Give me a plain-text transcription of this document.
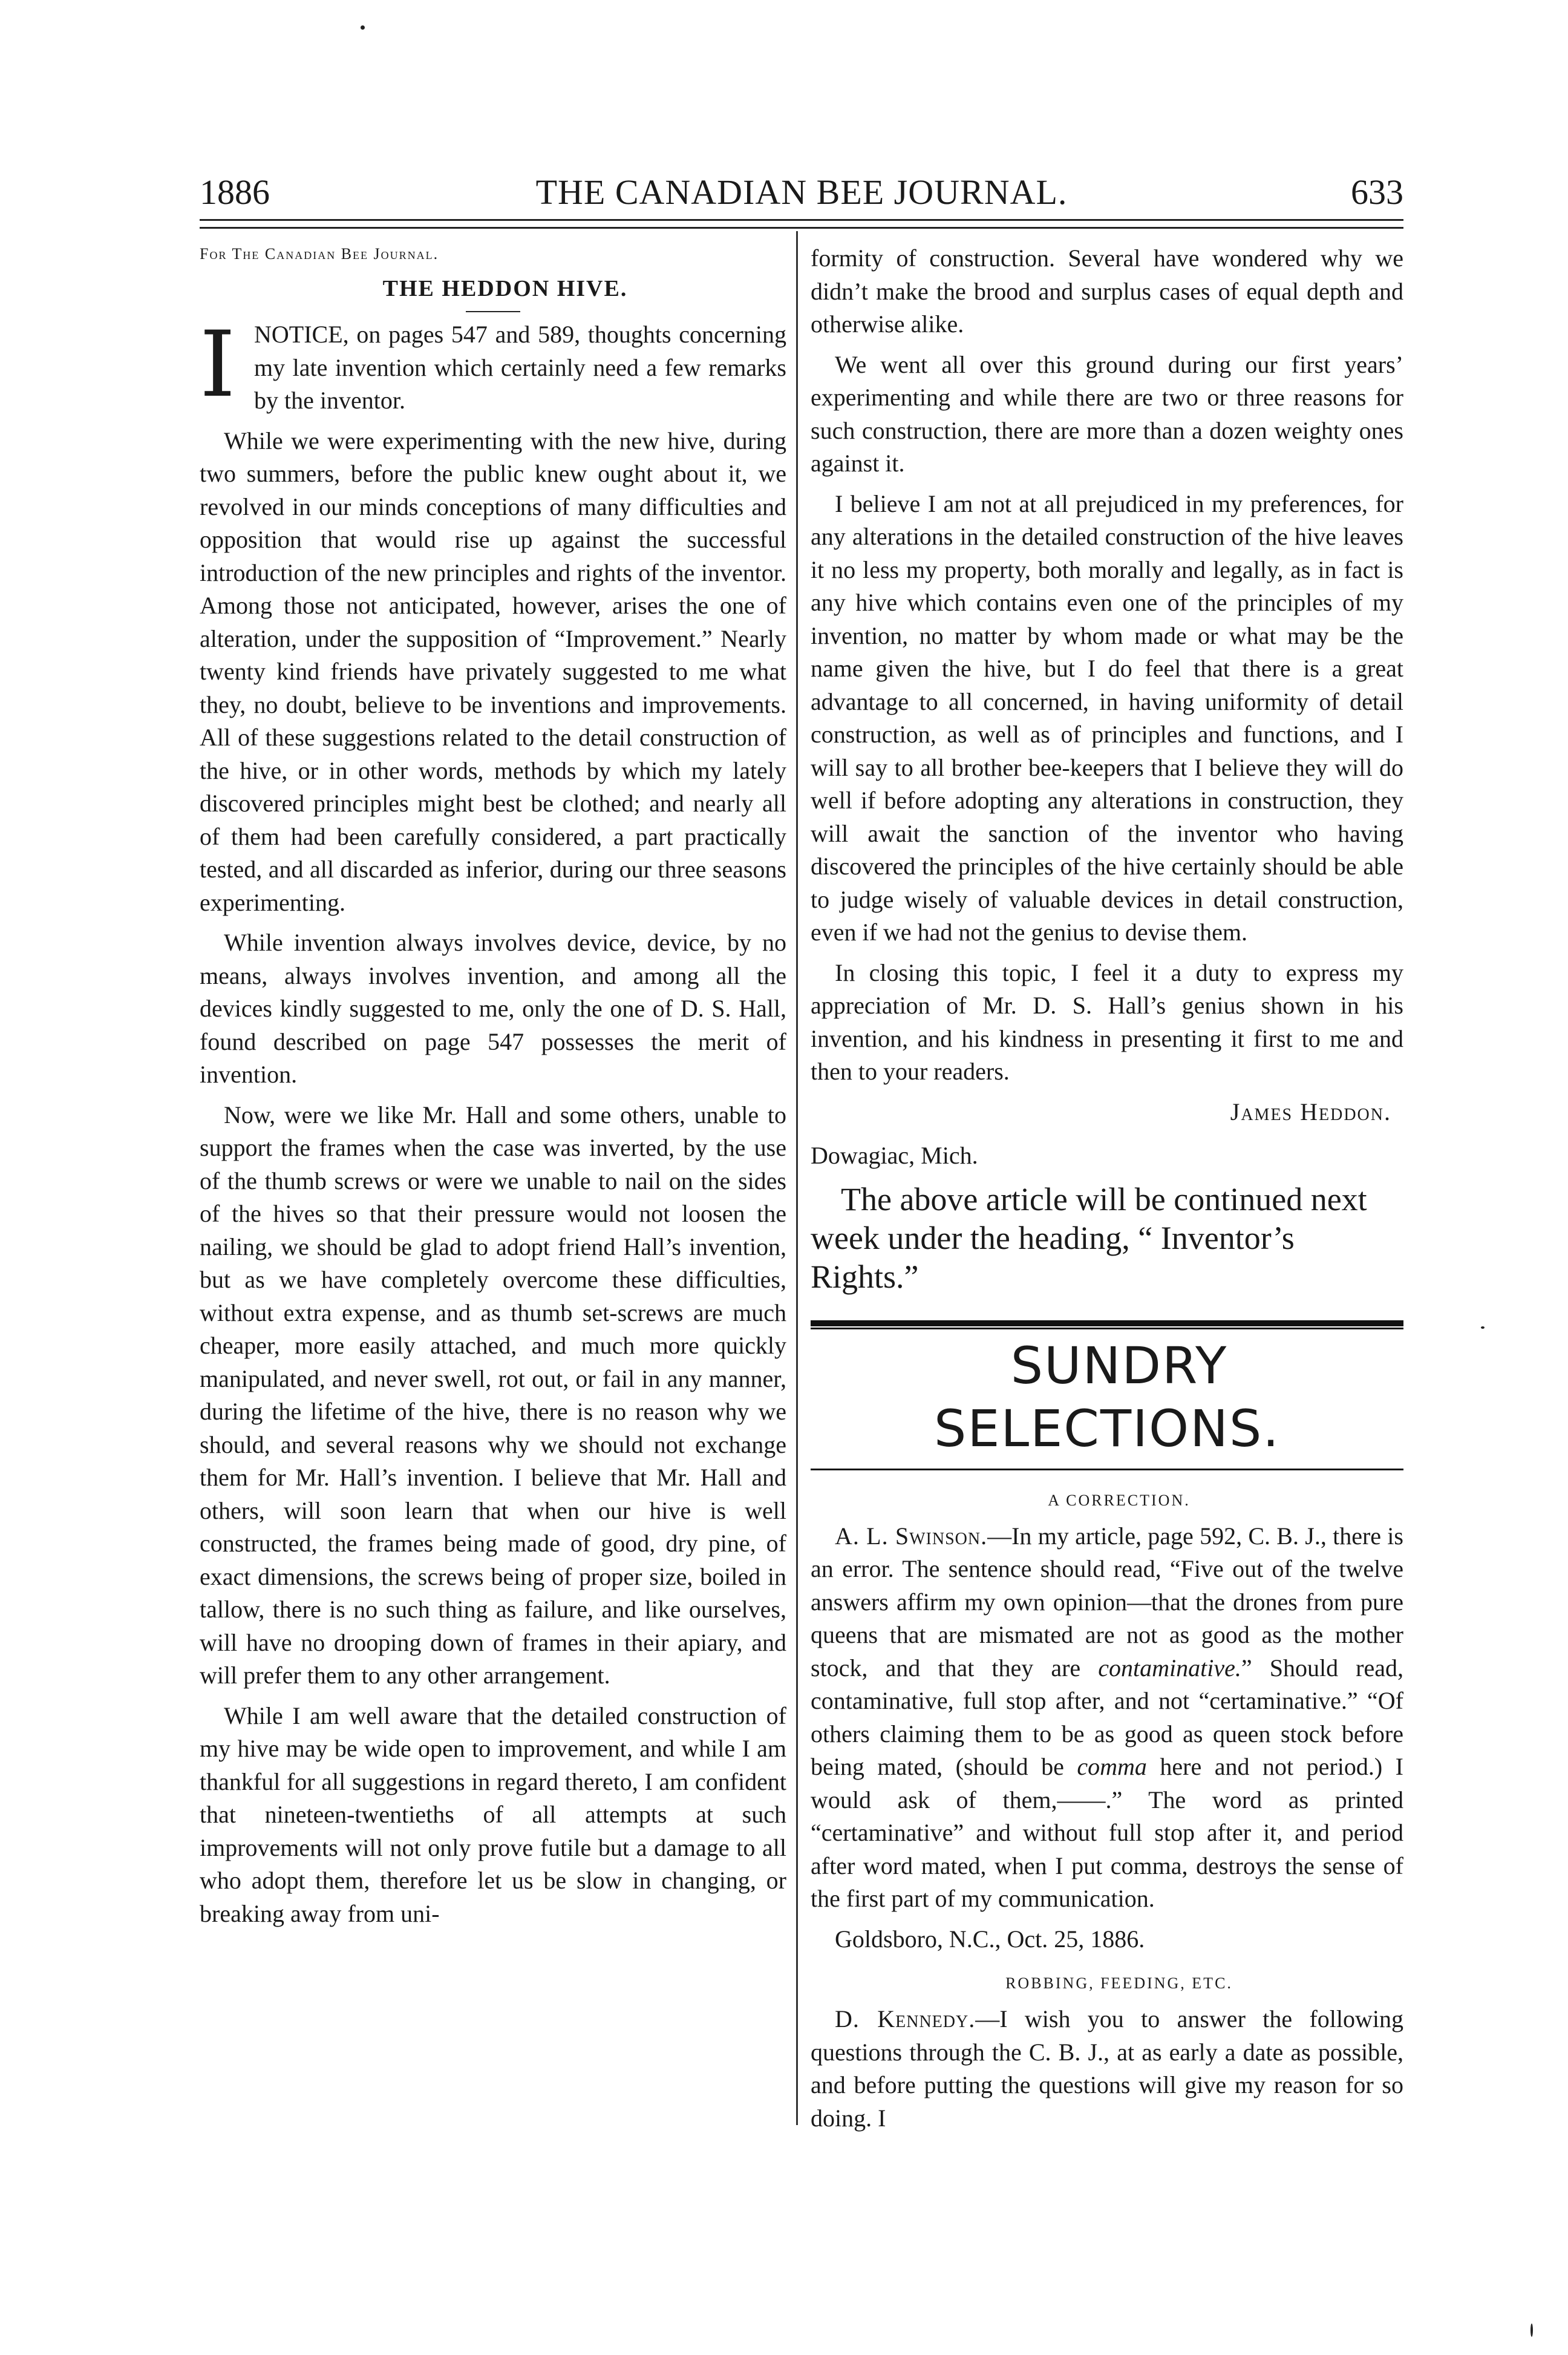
1886	THE CANADIAN BEE JOURNAL.	633

For The Canadian Bee Journal.

THE HEDDON HIVE.

I NOTICE, on pages 547 and 589, thoughts concerning my late invention which certainly need a few remarks by the inventor.

While we were experimenting with the new hive, during two summers, before the public knew ought about it, we revolved in our minds conceptions of many difficulties and opposition that would rise up against the successful introduction of the new principles and rights of the inventor. Among those not anticipated, however, arises the one of alteration, under the supposition of “Improvement.” Nearly twenty kind friends have privately suggested to me what they, no doubt, believe to be inventions and improvements. All of these suggestions related to the detail construction of the hive, or in other words, methods by which my lately discovered principles might best be clothed; and nearly all of them had been carefully considered, a part practically tested, and all discarded as inferior, during our three seasons experimenting.

While invention always involves device, device, by no means, always involves invention, and among all the devices kindly suggested to me, only the one of D. S. Hall, found described on page 547 possesses the merit of invention.

Now, were we like Mr. Hall and some others, unable to support the frames when the case was inverted, by the use of the thumb screws or were we unable to nail on the sides of the hives so that their pressure would not loosen the nailing, we should be glad to adopt friend Hall’s invention, but as we have completely overcome these difficulties, without extra expense, and as thumb set-screws are much cheaper, more easily attached, and much more quickly manipulated, and never swell, rot out, or fail in any manner, during the lifetime of the hive, there is no reason why we should, and several reasons why we should not exchange them for Mr. Hall’s invention. I believe that Mr. Hall and others, will soon learn that when our hive is well constructed, the frames being made of good, dry pine, of exact dimensions, the screws being of proper size, boiled in tallow, there is no such thing as failure, and like ourselves, will have no drooping down of frames in their apiary, and will prefer them to any other arrangement.

While I am well aware that the detailed construction of my hive may be wide open to improvement, and while I am thankful for all suggestions in regard thereto, I am confident that nineteen-twentieths of all attempts at such improvements will not only prove futile but a damage to all who adopt them, therefore let us be slow in changing, or breaking away from uni-

formity of construction. Several have wondered why we didn’t make the brood and surplus cases of equal depth and otherwise alike.

We went all over this ground during our first years’ experimenting and while there are two or three reasons for such construction, there are more than a dozen weighty ones against it.

I believe I am not at all prejudiced in my preferences, for any alterations in the detailed construction of the hive leaves it no less my property, both morally and legally, as in fact is any hive which contains even one of the principles of my invention, no matter by whom made or what may be the name given the hive, but I do feel that there is a great advantage to all concerned, in having uniformity of detail construction, as well as of principles and functions, and I will say to all brother bee-keepers that I believe they will do well if before adopting any alterations in construction, they will await the sanction of the inventor who having discovered the principles of the hive certainly should be able to judge wisely of valuable devices in detail construction, even if we had not the genius to devise them.

In closing this topic, I feel it a duty to express my appreciation of Mr. D. S. Hall’s genius shown in his invention, and his kindness in presenting it first to me and then to your readers.

James Heddon.

Dowagiac, Mich.

The above article will be continued next week under the heading, “ Inventor’s Rights.”

SUNDRY SELECTIONS.

A CORRECTION.

A. L. Swinson.—In my article, page 592, C. B. J., there is an error. The sentence should read, “Five out of the twelve answers affirm my own opinion—that the drones from pure queens that are mismated are not as good as the mother stock, and that they are contaminative.” Should read, contaminative, full stop after, and not “certaminative.” “Of others claiming them to be as good as queen stock before being mated, (should be comma here and not period.) I would ask of them,——.” The word as printed “certaminative” and without full stop after it, and period after word mated, when I put comma, destroys the sense of the first part of my communication.

Goldsboro, N.C., Oct. 25, 1886.

ROBBING, FEEDING, ETC.

D. Kennedy.—I wish you to answer the following questions through the C. B. J., at as early a date as possible, and before putting the questions will give my reason for so doing. I
